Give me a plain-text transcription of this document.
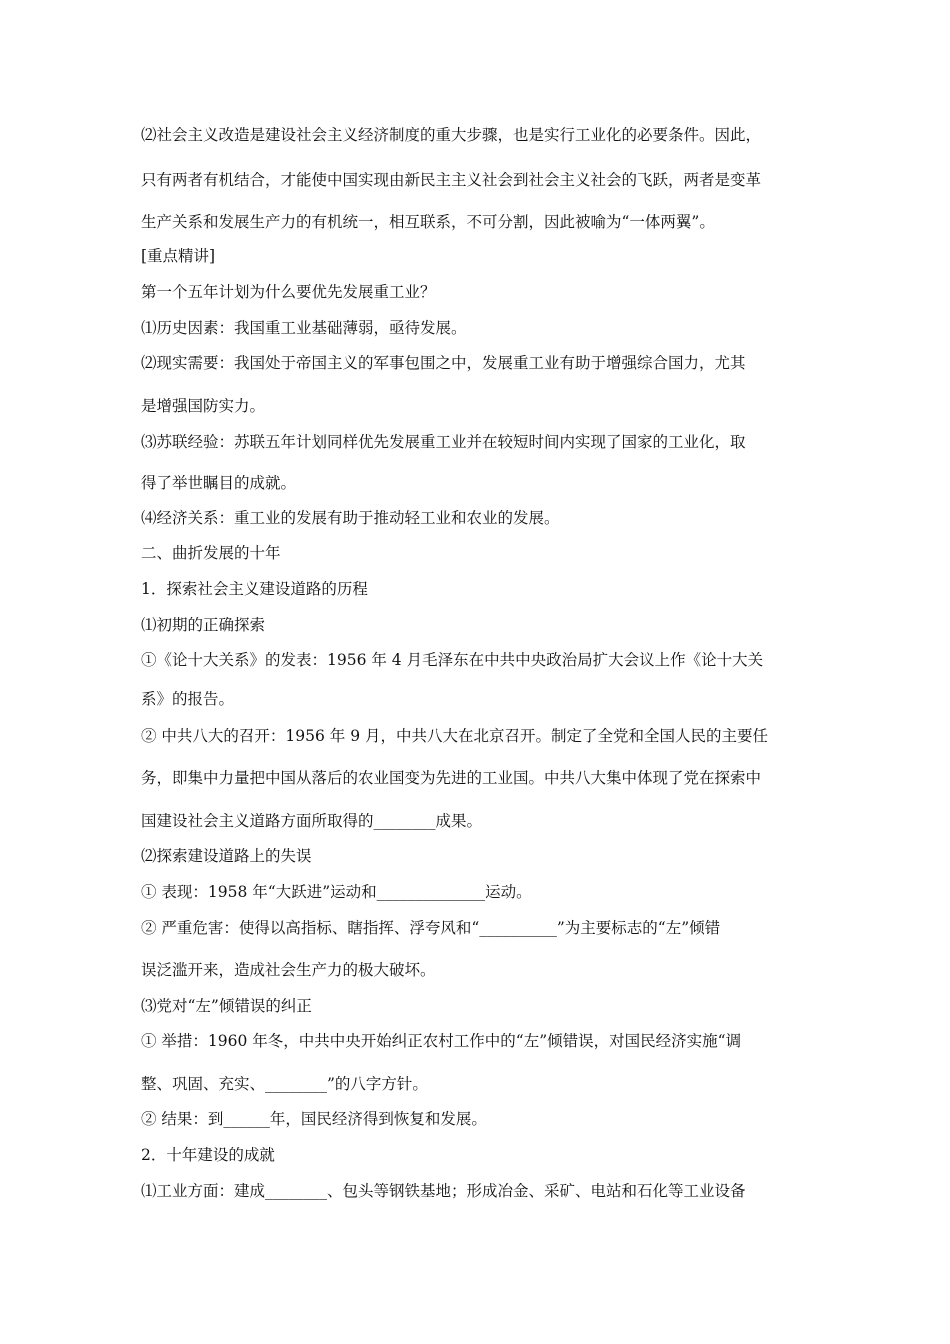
⑵社会主义改造是建设社会主义经济制度的重大步骤，也是实行工业化的必要条件。因此，
只有两者有机结合，才能使中国实现由新民主主义社会到社会主义社会的飞跃，两者是变革
生产关系和发展生产力的有机统一，相互联系，不可分割，因此被喻为“一体两翼”。
[重点精讲]
第一个五年计划为什么要优先发展重工业？
⑴历史因素：我国重工业基础薄弱，亟待发展。
⑵现实需要：我国处于帝国主义的军事包围之中，发展重工业有助于增强综合国力，尤其
是增强国防实力。
⑶苏联经验：苏联五年计划同样优先发展重工业并在较短时间内实现了国家的工业化，取
得了举世瞩目的成就。
⑷经济关系：重工业的发展有助于推动轻工业和农业的发展。
二、曲折发展的十年
1．探索社会主义建设道路的历程
⑴初期的正确探索
①《论十大关系》的发表：1956 年 4 月毛泽东在中共中央政治局扩大会议上作《论十大关
系》的报告。
② 中共八大的召开：1956 年 9 月，中共八大在北京召开。制定了全党和全国人民的主要任
务，即集中力量把中国从落后的农业国变为先进的工业国。中共八大集中体现了党在探索中
国建设社会主义道路方面所取得的________成果。
⑵探索建设道路上的失误
① 表现：1958 年“大跃进”运动和______________运动。
② 严重危害：使得以高指标、瞎指挥、浮夸风和“__________”为主要标志的“左”倾错
误泛滥开来，造成社会生产力的极大破坏。
⑶党对“左”倾错误的纠正
① 举措：1960 年冬，中共中央开始纠正农村工作中的“左”倾错误，对国民经济实施“调
整、巩固、充实、________”的八字方针。
② 结果：到______年，国民经济得到恢复和发展。
2．十年建设的成就
⑴工业方面：建成________、包头等钢铁基地；形成冶金、采矿、电站和石化等工业设备
